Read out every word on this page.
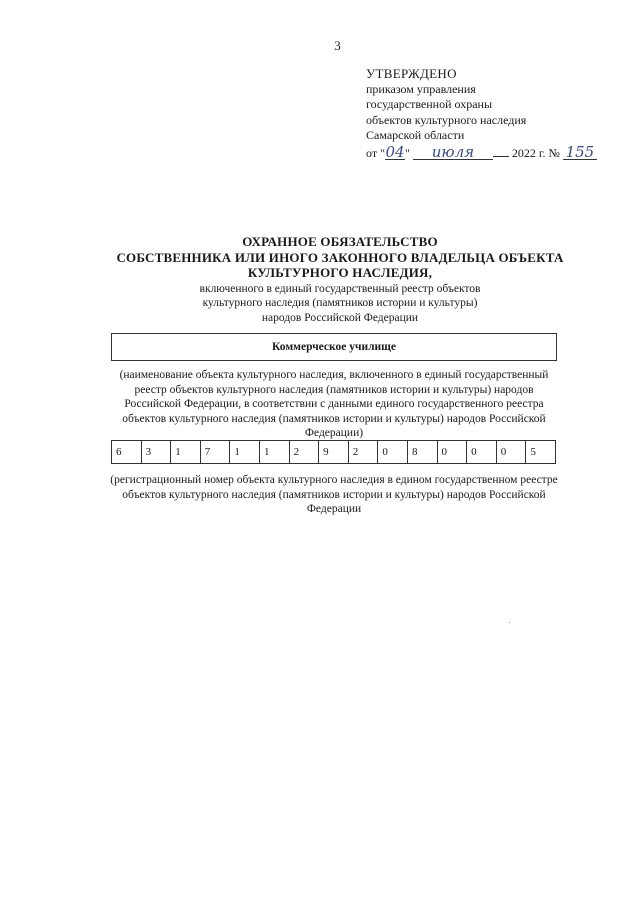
3
УТВЕРЖДЕНО
приказом управления
государственной охраны
объектов культурного наследия
Самарской области
от "04" июля	2022 г. № 155
ОХРАННОЕ ОБЯЗАТЕЛЬСТВО
СОБСТВЕННИКА ИЛИ ИНОГО ЗАКОННОГО ВЛАДЕЛЬЦА ОБЪЕКТА
КУЛЬТУРНОГО НАСЛЕДИЯ,
включенного в единый государственный реестр объектов
культурного наследия (памятников истории и культуры)
народов Российской Федерации
Коммерческое училище
(наименование объекта культурного наследия, включенного в единый государственный реестр объектов культурного наследия (памятников истории и культуры) народов Российской Федерации, в соответствии с данными единого государственного реестра объектов культурного наследия (памятников истории и культуры) народов Российской Федерации)
6	3	1	7	1	1	2	9	2	0	8	0	0	0	5
(регистрационный номер объекта культурного наследия в едином государственном реестре объектов культурного наследия (памятников истории и культуры) народов Российской Федерации
